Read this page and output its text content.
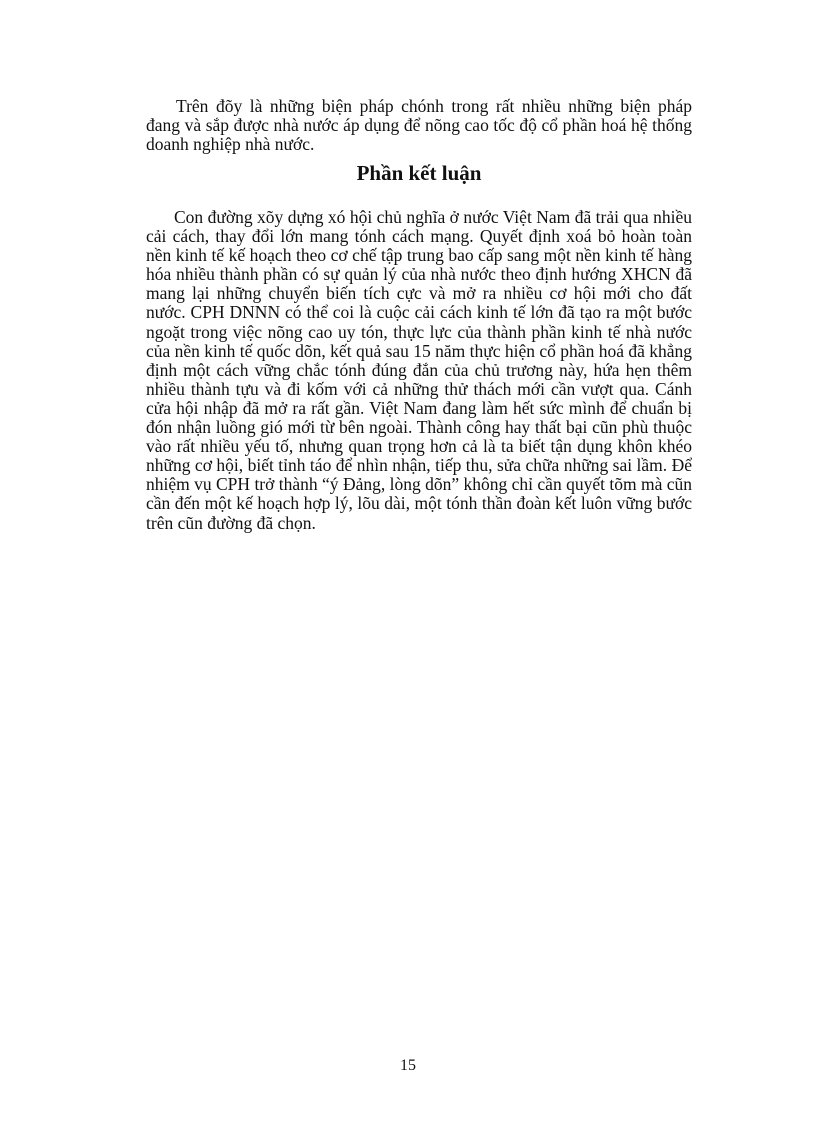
Trên đõy là những biện pháp chónh trong rất nhiều những biện pháp đang và sắp được nhà nước áp dụng để nõng cao tốc độ cổ phần hoá hệ thống doanh nghiệp nhà nước.

Phần kết luận

Con đường xõy dựng xó hội chủ nghĩa ở nước Việt Nam đã trải qua nhiều cải cách, thay đổi lớn mang tónh cách mạng. Quyết định xoá bỏ hoàn toàn nền kinh tế kế hoạch theo cơ chế tập trung bao cấp sang một nền kinh tế hàng hóa nhiều thành phần có sự quản lý của nhà nước theo định hướng XHCN đã mang lại những chuyển biến tích cực và mở ra nhiều cơ hội mới cho đất nước. CPH DNNN có thể coi là cuộc cải cách kinh tế lớn đã tạo ra một bước ngoặt trong việc nõng cao uy tón, thực lực của thành phần kinh tế nhà nước của nền kinh tế quốc dõn, kết quả sau 15 năm thực hiện cổ phần hoá đã khẳng định một cách vững chắc tónh đúng đắn của chủ trương này, hứa hẹn thêm nhiều thành tựu và đi kốm với cả những thử thách mới cần vượt qua. Cánh cửa hội nhập đã mở ra rất gần. Việt Nam đang làm hết sức mình để chuẩn bị đón nhận luồng gió mới từ bên ngoài. Thành công hay thất bại cũn phù thuộc vào rất nhiều yếu tố, nhưng quan trọng hơn cả là ta biết tận dụng khôn khéo những cơ hội, biết tỉnh táo để nhìn nhận, tiếp thu, sửa chữa những sai lầm. Để nhiệm vụ CPH trở thành “ý Đảng, lòng dõn” không chỉ cần quyết tõm mà cũn cần đến một kế hoạch hợp lý, lõu dài, một tónh thần đoàn kết luôn vững bước trên cũn đường đã chọn.

15
